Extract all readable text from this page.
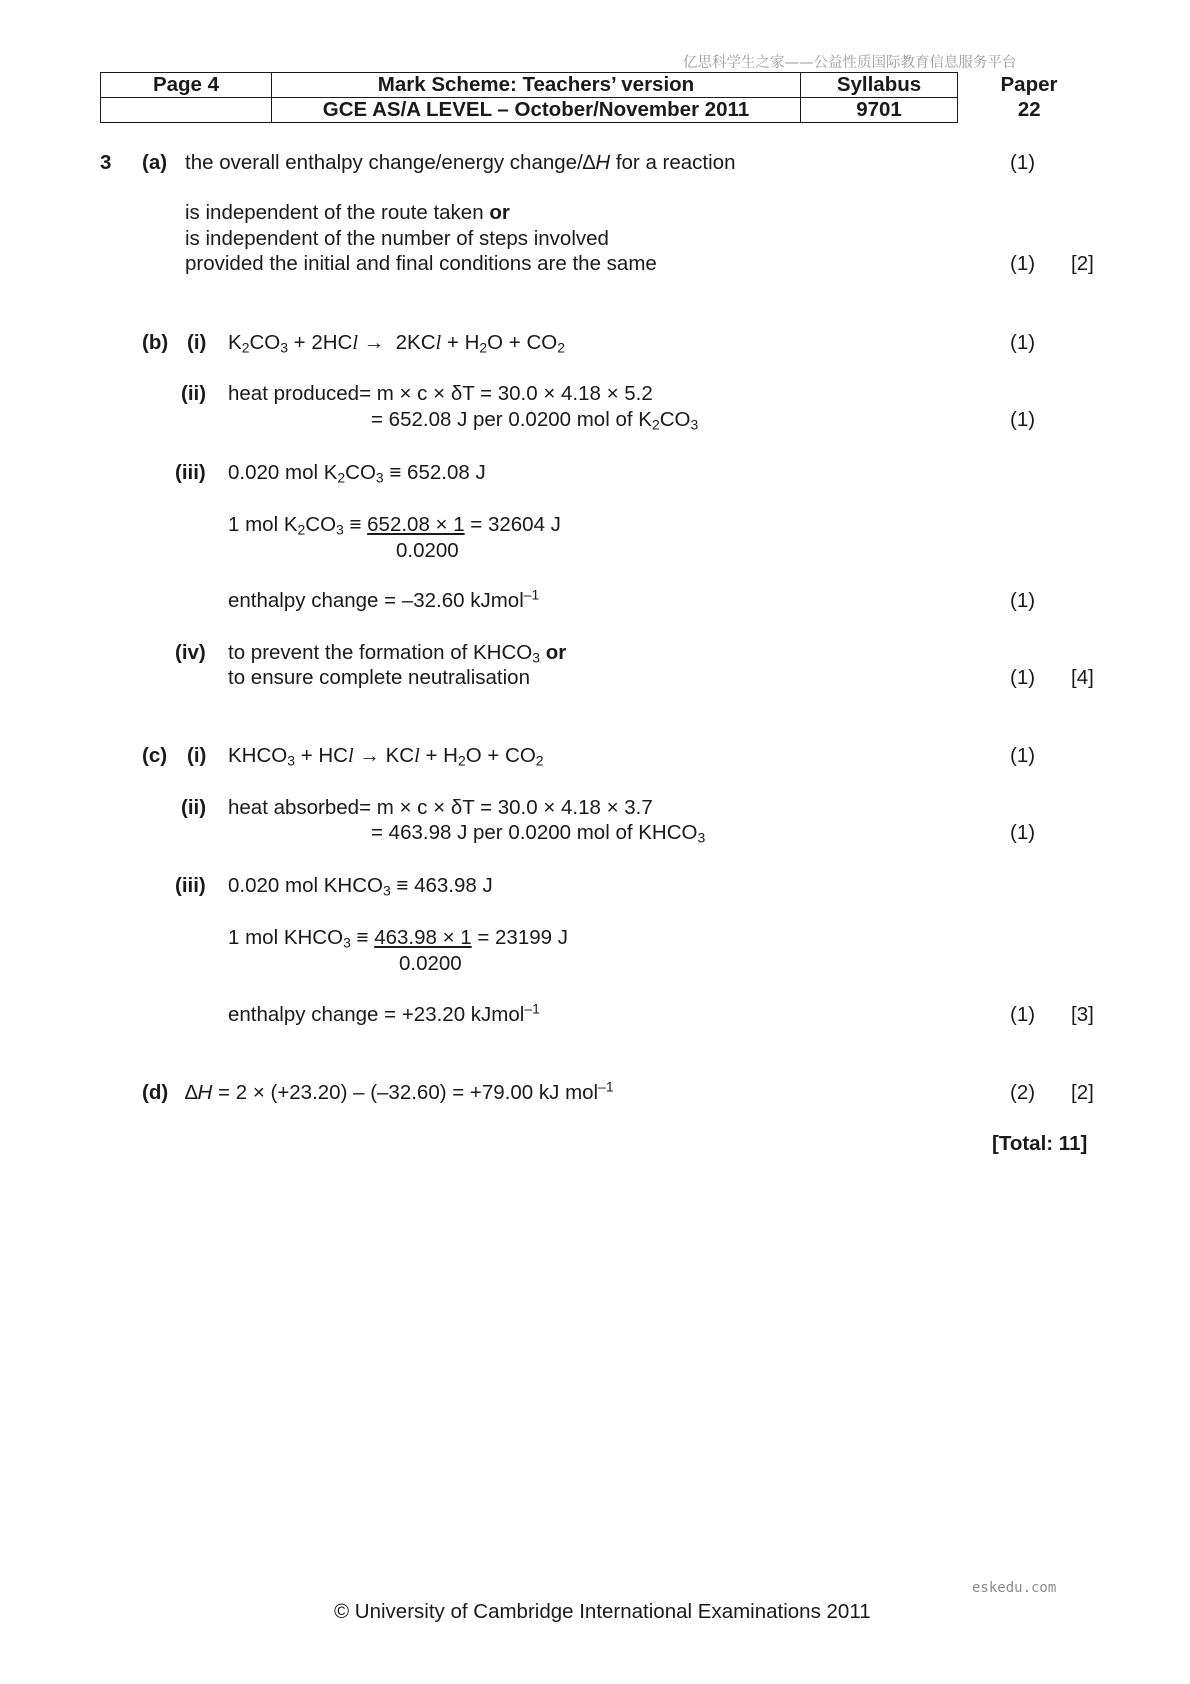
亿思科学生之家——公益性质国际教育信息服务平台
Page 4	Mark Scheme: Teachers’ version	Syllabus	Paper
	GCE AS/A LEVEL – October/November 2011	9701	22
3 (a) the overall enthalpy change/energy change/∆H for a reaction	(1)
is independent of the route taken or
is independent of the number of steps involved
provided the initial and final conditions are the same	(1) [2]
(b) (i) $K_2CO_3 + 2HCl \to 2KCl + H_2O + CO_2$	(1)
(ii) heat produced= m × c × δT = 30.0 × 4.18 × 5.2
= 652.08 J per 0.0200 mol of $K_2CO_3$	(1)
(iii) 0.020 mol $K_2CO_3 \equiv 652.08$ J
1 mol $K_2CO_3 \equiv 652.08 \times 1 = 32604$ J
0.0200
enthalpy change = –32.60 kJmol$^{-1}$	(1)
(iv) to prevent the formation of $KHCO_3$ or
to ensure complete neutralisation	(1) [4]
(c) (i) $KHCO_3$ + HCl → KCl + $H_2O + CO_2$	(1)
(ii) heat absorbed= m × c × δT = 30.0 × 4.18 × 3.7
= 463.98 J per 0.0200 mol of $KHCO_3$	(1)
(iii) 0.020 mol $KHCO_3 \equiv 463.98$ J
1 mol $KHCO_3 \equiv 463.98 \times 1 = 23199$ J
0.0200
enthalpy change = +23.20 kJmol$^{-1}$	(1) [3]
(d) ∆H = 2 × (+23.20) – (–32.60) = +79.00 kJ mol$^{-1}$	(2) [2]
[Total: 11]
eskedu.com
© University of Cambridge International Examinations 2011
